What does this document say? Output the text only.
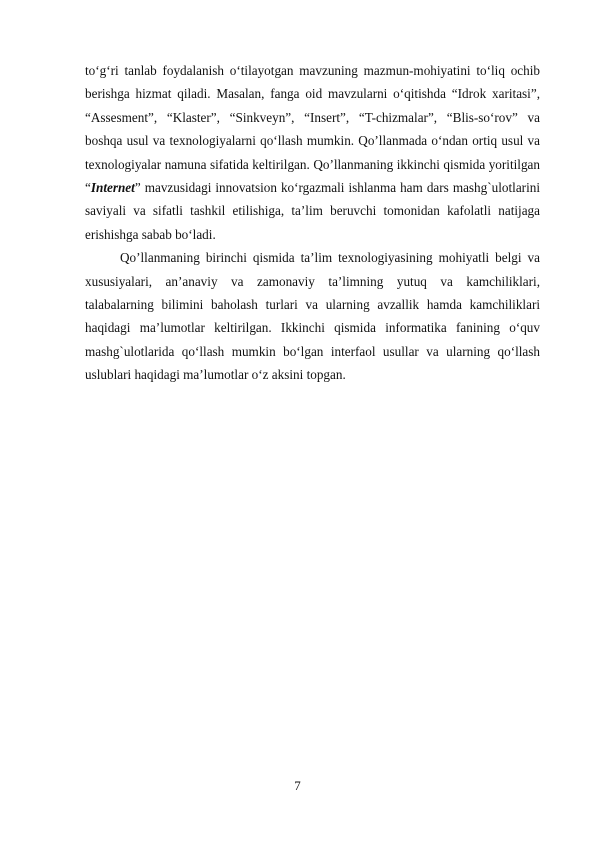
to‘g‘ri tanlab foydalanish o‘tilayotgan mavzuning mazmun-mohiyatini to‘liq ochib berishga hizmat qiladi. Masalan, fanga oid mavzularni o‘qitishda “Idrok xaritasi”, “Assesment”, “Klaster”, “Sinkveyn”, “Insert”, “T-chizmalar”, “Blis-so‘rov” va boshqa usul va texnologiyalarni qo‘llash mumkin. Qo’llanmada o‘ndan ortiq usul va texnologiyalar namuna sifatida keltirilgan. Qo’llanmaning ikkinchi qismida yoritilgan “Internet” mavzusidagi innovatsion ko‘rgazmali ishlanma ham dars mashg`ulotlarini saviyali va sifatli tashkil etilishiga, ta’lim beruvchi tomonidan kafolatli natijaga erishishga sabab bo‘ladi.

Qo’llanmaning birinchi qismida ta’lim texnologiyasining mohiyatli belgi va xususiyalari, an’anaviy va zamonaviy ta’limning yutuq va kamchiliklari, talabalarning bilimini baholash turlari va ularning avzallik hamda kamchiliklari haqidagi ma’lumotlar keltirilgan. Ikkinchi qismida informatika fanining o‘quv mashg`ulotlarida qo‘llash mumkin bo‘lgan interfaol usullar va ularning qo‘llash uslublari haqidagi ma’lumotlar o‘z aksini topgan.

7
